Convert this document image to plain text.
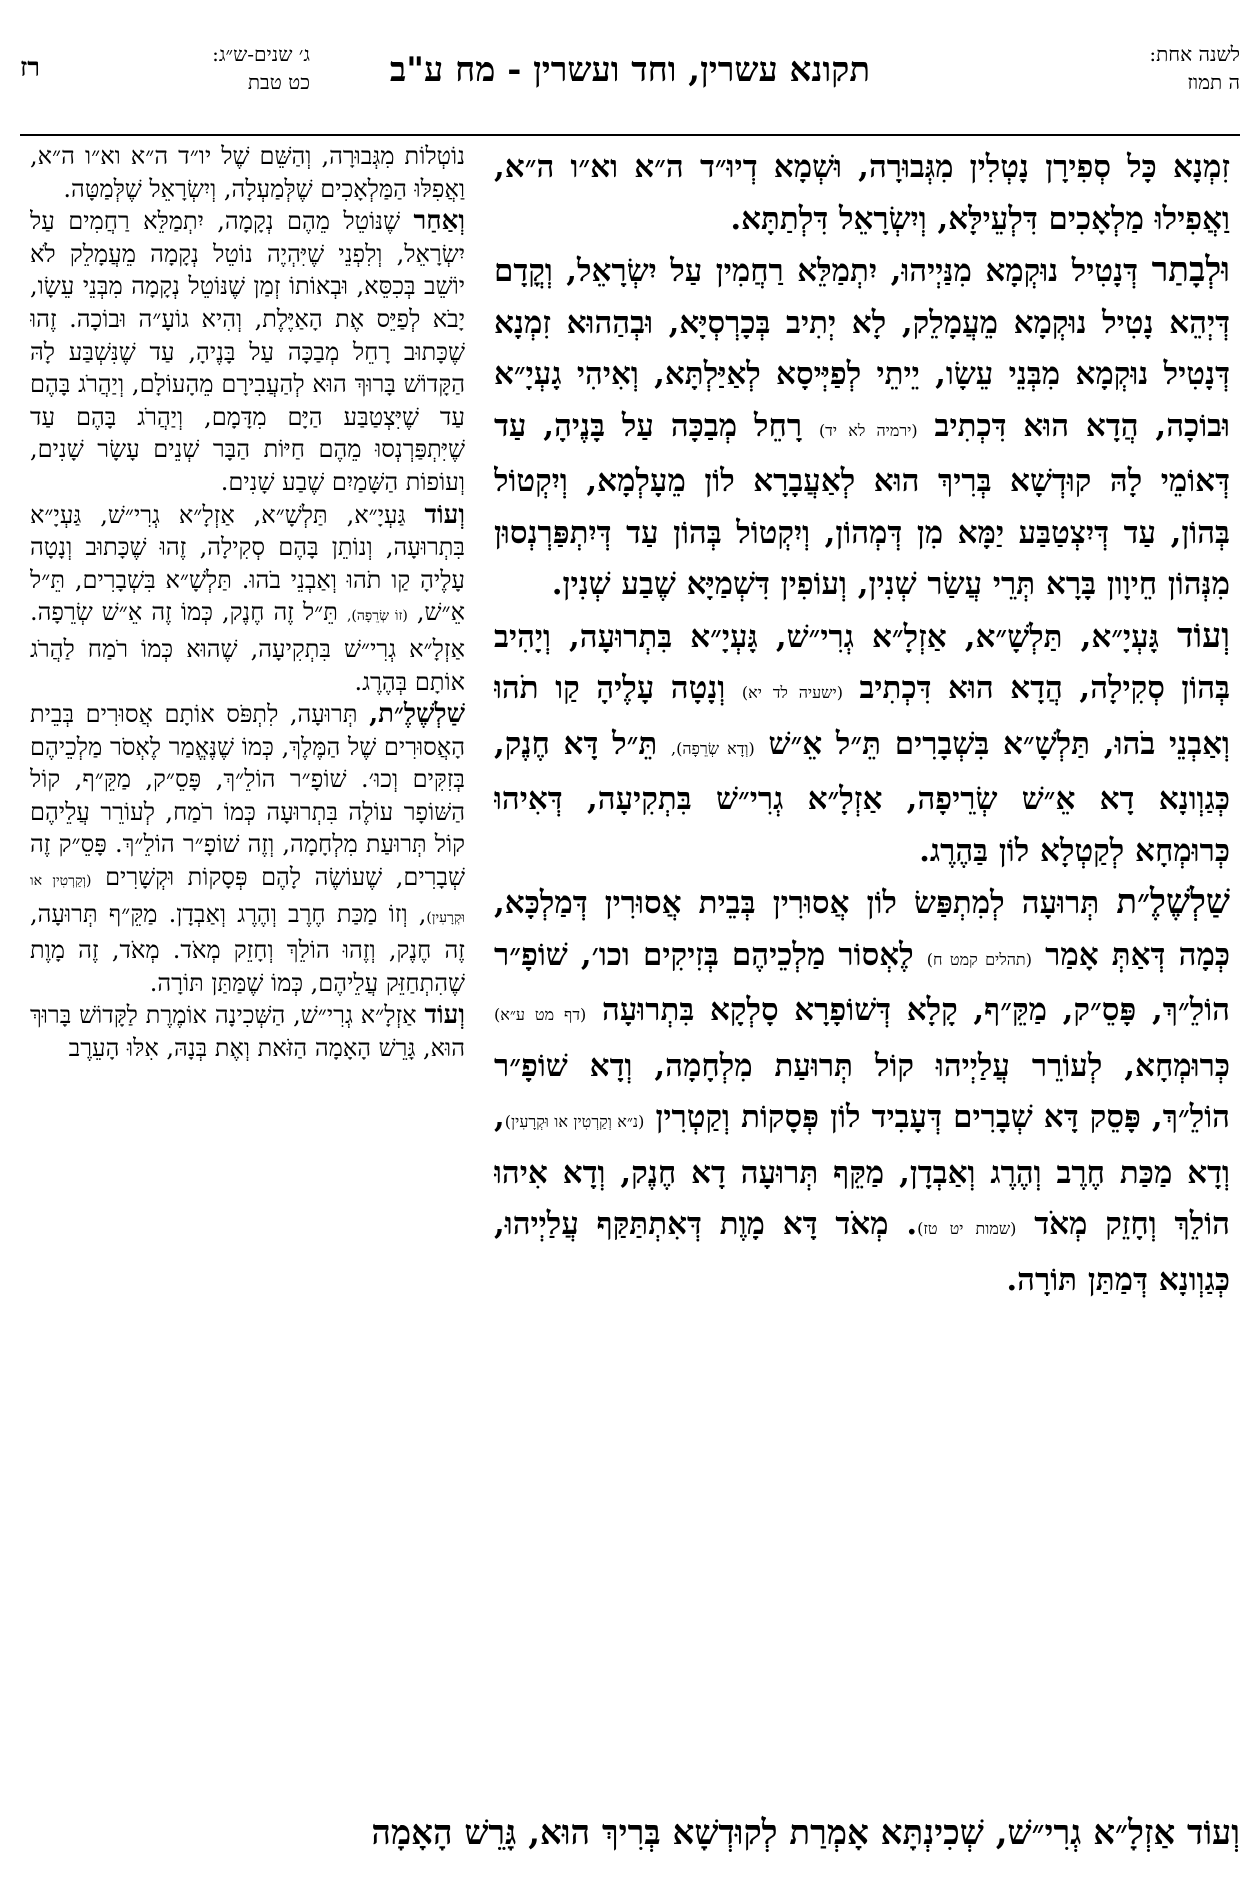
לשנה אחת:
ה תמוז
תקונא עשרין, וחד ועשרין - מח ע"ב
ג׳ שנים-ש״ג:
כט טבת
רז

זִמְנָא כָּל סְפִירָן נָטְלִין מִגְּבוּרָה, וּשְׁמָא דְיוּ״ד ה״א וא״ו ה״א, וַאֲפִילוּ מַלְאָכִים דִּלְעֵילָּא, וְיִשְׂרָאֵל דִּלְתַתָּא.

וּלְבָתַר דְּנָטִיל נוּקְמָא מִנַּיְיהוּ, יִתְמַלֵּא רַחֲמִין עַל יִשְׂרָאֵל, וְקֳדָם דְּיְהֵא נָטִיל נוּקְמָא מֵעֲמָלֵק, לָא יְתִיב בְּכָרְסְיָּא, וּבְהַהוּא זִמְנָא דְּנָטִיל נוּקְמָא מִבְּנֵי עֵשָׂו, יֵיתֵי לְפַיְּיסָא לְאַיַּלְתָּא, וְאִיהִי גָעְיָ״א וּבוֹכָה, הֲדָא הוּא דִּכְתִיב (ירמיה לא יד) רָחֵל מְבַכָּה עַל בָּנֶיהָ, עַד דְּאוֹמֵי לָהּ קוּדְשָׁא בְּרִיךְ הוּא לְאַעֲבָרָא לוֹן מֵעָלְמָא, וְיִקְטוֹל בְּהוֹן, עַד דְּיִצְטַבַּע יַמָּא מִן דְּמְהוֹן, וְיִקְטוֹל בְּהוֹן עַד דְּיִתְפַּרְנְסוּן מִנְּהוֹן חֵיוָון בָּרָא תְּרֵי עֲשַׂר שְׁנִין, וְעוֹפִין דִּשְׁמַיָּא שֶׁבַע שְׁנִין.

וְעוֹד גָּעְיָ״א, תַּלְשָׁ״א, אַזְלָ״א גְרִי״שׁ, גָּעְיָ״א בִּתְרוּעָה, וְיָהִיב בְּהוֹן סְקִילָה, הֲדָא הוּא דִּכְתִיב (ישעיה לד יא) וְנָטָה עָלֶיהָ קַו תֹהוּ וְאַבְנֵי בֹהוּ, תַּלְשָׁ״א בִּשְׁבָרִים תֵּ״ל אֵ״שׁ (וְדָא שְׂרֵפָה), תֵּ״ל דָּא חֶנֶק, כְּגַוְונָא דָא אֵ״שׁ שְׂרֵיפָה, אַזְלָ״א גְרִי״שׁ בִּתְקִיעָה, דְּאִיהוּ כְּרוּמְחָא לְקַטְלָא לוֹן בַּהֶרֶג.

שַׁלְשֶׁלֶ״ת תְּרוּעָה לְמִתְפַּשׂ לוֹן אֲסוּרִין בְּבֵית אֲסוּרִין דְּמַלְכָּא, כְּמָה דְּאַתְּ אָמַר (תהלים קמט ח) לֶאְסוֹר מַלְכֵיהֶם בְּזִיקִים וכו׳, שׁוֹפָ״ר הוֹלֵ״ךְ, פָּסֵ״ק, מַקֵּ״ף, קָלָא דְּשׁוֹפָרָא סָלְקָא בִּתְרוּעָה (דף מט ע״א) כְּרוּמְחָא, לְעוֹרֵר עֲלַיְיהוּ קוֹל תְּרוּעַת מִלְחָמָה, וְדָא שׁוֹפָ״ר הוֹלֵ״ךְ, פָּסֵק דָּא שְׁבָרִים דְּעָבִיד לוֹן פְּסָקוֹת וְקַטְרִין (נ״א וְקַרְטִין או וּקְרָעִין), וְדָא מַכַּת חֶרֶב וְהֶרֶג וְאַבְדָן, מַקֵּף תְּרוּעָה דָא חֶנֶק, וְדָא אִיהוּ הוֹלֵךְ וְחָזֵק מְאֹד (שמות יט טז). מְאֹד דָּא מָוֶת דְּאִתְתַּקַּף עֲלַיְיהוּ, כְּגַוְונָא דְּמַתַּן תּוֹרָה.

נוֹטְלוֹת מִגְּבוּרָה, וְהַשֵּׁם שֶׁל יו״ד ה״א וא״ו ה״א, וַאֲפִלּוּ הַמַּלְאָכִים שֶׁלְּמַעְלָה, וְיִשְׂרָאֵל שֶׁלְּמַטָּה.

וְאַחַר שֶׁנּוֹטֵל מֵהֶם נְקָמָה, יִתְמַלֵּא רַחֲמִים עַל יִשְׂרָאֵל, וְלִפְנֵי שֶׁיִּהְיֶה נוֹטֵל נְקָמָה מֵעֲמָלֵק לֹא יוֹשֵׁב בְּכִסֵּא, וּבְאוֹתוֹ זְמַן שֶׁנּוֹטֵל נְקָמָה מִבְּנֵי עֵשָׂו, יָבֹא לְפַיֵּס אֶת הָאַיֶּלֶת, וְהִיא גוֹעָ״ה וּבוֹכָה. זֶהוּ שֶׁכָּתוּב רָחֵל מְבַכָּה עַל בָּנֶיהָ, עַד שֶׁנִּשְׁבַּע לָהּ הַקָּדוֹשׁ בָּרוּךְ הוּא לְהַעֲבִירָם מֵהָעוֹלָם, וְיַהֲרֹג בָּהֶם עַד שֶׁיִּצְטַבַּע הַיָּם מִדָּמָם, וְיַהֲרֹג בָּהֶם עַד שֶׁיִּתְפַּרְנְסוּ מֵהֶם חַיּוֹת הַבָּר שְׁנֵים עָשָׂר שָׁנִים, וְעוֹפוֹת הַשָּׁמַיִם שֶׁבַע שָׁנִים.

וְעוֹד גַּעְיָ״א, תַּלְשָׁ״א, אַזְלָ״א גְרִי״שׁ, גַּעְיָ״א בִּתְרוּעָה, וְנוֹתֵן בָּהֶם סְקִילָה, זֶהוּ שֶׁכָּתוּב וְנָטָה עָלֶיהָ קַו תֹהוּ וְאַבְנֵי בֹהוּ. תַּלְשָׁ״א בִּשְׁבָרִים, תֵּ״ל אֵ״שׁ, (זוֹ שְׂרֵפָה), תֵּ״ל זֶה חֶנֶק, כְּמוֹ זֶה אֵ״שׁ שְׂרֵפָה. אַזְלָ״א גְרִי״שׁ בִּתְקִיעָה, שֶׁהוּא כְּמוֹ רֹמַח לַהֲרֹג אוֹתָם בְּהֶרֶג.

שַׁלְשֶׁלֶ״ת, תְּרוּעָה, לִתְפֹּס אוֹתָם אֲסוּרִים בְּבֵית הָאֲסוּרִים שֶׁל הַמֶּלֶךְ, כְּמוֹ שֶׁנֶּאֱמַר לֶאְסֹר מַלְכֵיהֶם בְּזִקִּים וְכוּ׳. שׁוֹפָ״ר הוֹלֵ״ךְ, פָּסֵ״ק, מַקֵּ״ף, קוֹל הַשּׁוֹפָר עוֹלֶה בִּתְרוּעָה כְּמוֹ רֹמַח, לְעוֹרֵר עֲלֵיהֶם קוֹל תְּרוּעַת מִלְחָמָה, וְזֶה שׁוֹפָ״ר הוֹלֵ״ךְ. פָּסֵ״ק זֶה שְׁבָרִים, שֶׁעוֹשֶׂה לָהֶם פְּסָקוֹת וּקְשָׁרִים (וְקַרְטִין או וּקְרָעִין), וְזוֹ מַכַּת חֶרֶב וְהֶרֶג וְאַבְדָן. מַקֵּ״ף תְּרוּעָה, זֶה חֶנֶק, וְזֶהוּ הוֹלֵךְ וְחָזֵק מְאֹד. מְאֹד, זֶה מָוֶת שֶׁהִתְחַזֵּק עֲלֵיהֶם, כְּמוֹ שֶׁמַּתַּן תּוֹרָה.

וְעוֹד אַזְלָ״א גְרִי״שׁ, הַשְּׁכִינָה אוֹמֶרֶת לַקָּדוֹשׁ בָּרוּךְ הוּא, גָּרֵשׁ הָאָמָה הַזֹּאת וְאֶת בְּנָהּ, אִלּוּ הָעֵרֶב

וְעוֹד אַזְלָ״א גְרִי״שׁ, שְׁכִינְתָּא אָמְרַת לְקוּדְשָׁא בְּרִיךְ הוּא, גָּרֵשׁ הָאָמָה
